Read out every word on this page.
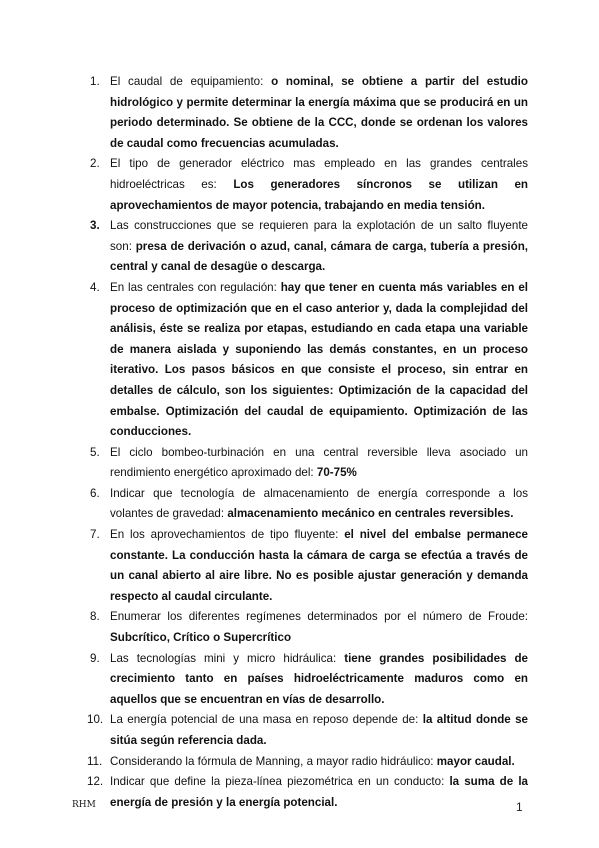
1. El caudal de equipamiento: o nominal, se obtiene a partir del estudio hidrológico y permite determinar la energía máxima que se producirá en un periodo determinado. Se obtiene de la CCC, donde se ordenan los valores de caudal como frecuencias acumuladas.
2. El tipo de generador eléctrico mas empleado en las grandes centrales hidroeléctricas es: Los generadores síncronos se utilizan en aprovechamientos de mayor potencia, trabajando en media tensión.
3. Las construcciones que se requieren para la explotación de un salto fluyente son: presa de derivación o azud, canal, cámara de carga, tubería a presión, central y canal de desagüe o descarga.
4. En las centrales con regulación: hay que tener en cuenta más variables en el proceso de optimización que en el caso anterior y, dada la complejidad del análisis, éste se realiza por etapas, estudiando en cada etapa una variable de manera aislada y suponiendo las demás constantes, en un proceso iterativo. Los pasos básicos en que consiste el proceso, sin entrar en detalles de cálculo, son los siguientes: Optimización de la capacidad del embalse. Optimización del caudal de equipamiento. Optimización de las conducciones.
5. El ciclo bombeo-turbinación en una central reversible lleva asociado un rendimiento energético aproximado del: 70-75%
6. Indicar que tecnología de almacenamiento de energía corresponde a los volantes de gravedad: almacenamiento mecánico en centrales reversibles.
7. En los aprovechamientos de tipo fluyente: el nivel del embalse permanece constante. La conducción hasta la cámara de carga se efectúa a través de un canal abierto al aire libre. No es posible ajustar generación y demanda respecto al caudal circulante.
8. Enumerar los diferentes regímenes determinados por el número de Froude: Subcrítico, Crítico o Supercrítico
9. Las tecnologías mini y micro hidráulica: tiene grandes posibilidades de crecimiento tanto en países hidroeléctricamente maduros como en aquellos que se encuentran en vías de desarrollo.
10. La energía potencial de una masa en reposo depende de: la altitud donde se sitúa según referencia dada.
11. Considerando la fórmula de Manning, a mayor radio hidráulico: mayor caudal.
12. Indicar que define la pieza-línea piezométrica en un conducto: la suma de la energía de presión y la energía potencial.
RHM	1
